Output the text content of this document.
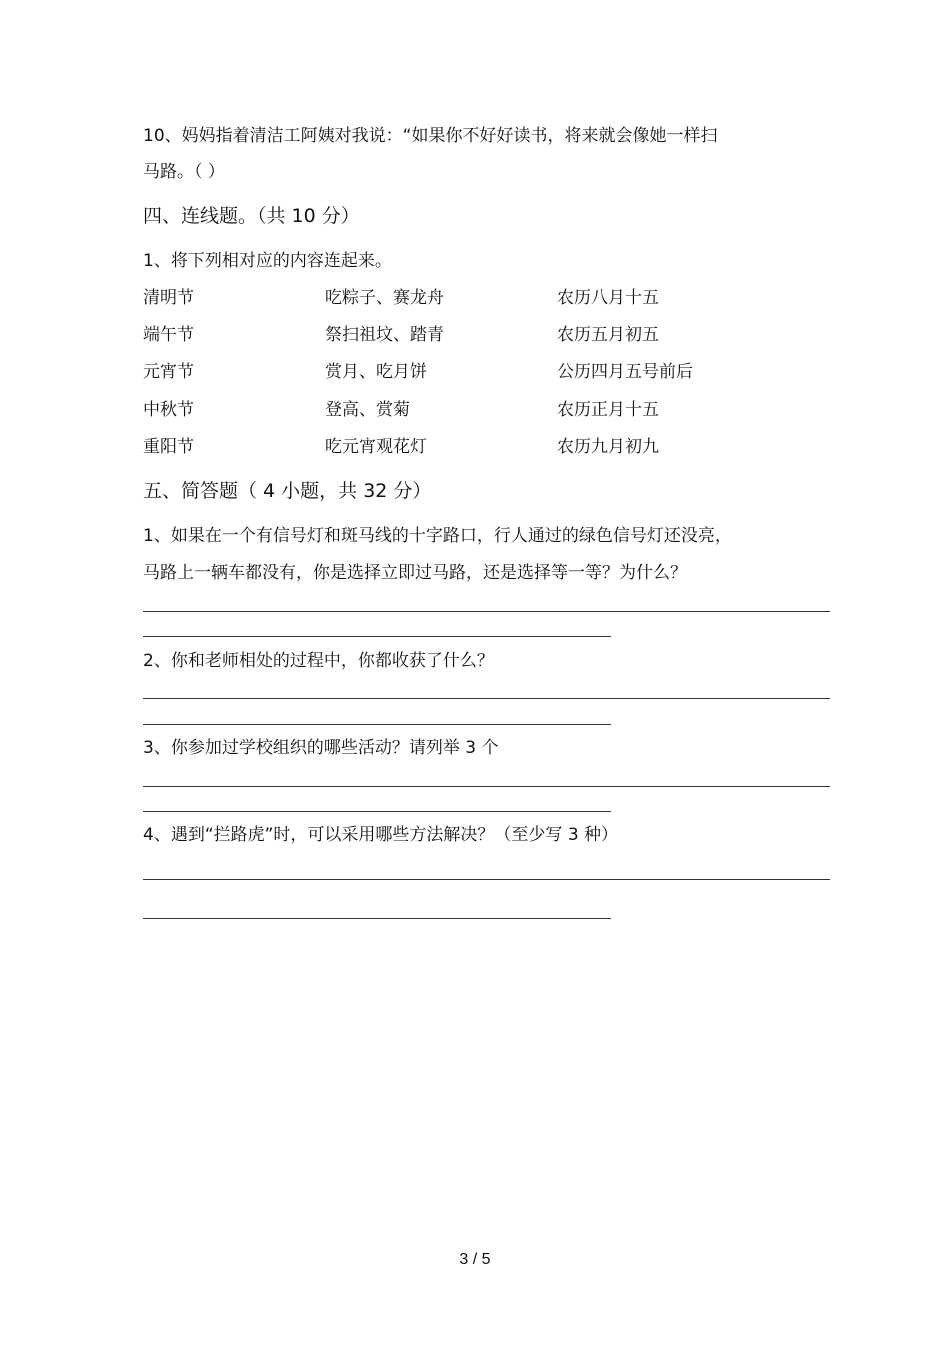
10、妈妈指着清洁工阿姨对我说：“如果你不好好读书，将来就会像她一样扫
马路。（ ）
四、连线题。（共 10 分）
1、将下列相对应的内容连起来。
清明节	吃粽子、赛龙舟	农历八月十五
端午节	祭扫祖坟、踏青	农历五月初五
元宵节	赏月、吃月饼	公历四月五号前后
中秋节	登高、赏菊	农历正月十五
重阳节	吃元宵观花灯	农历九月初九
五、简答题（ 4 小题，共 32 分）
1、如果在一个有信号灯和斑马线的十字路口，行人通过的绿色信号灯还没亮，
马路上一辆车都没有，你是选择立即过马路，还是选择等一等？为什么？
2、你和老师相处的过程中，你都收获了什么？
3、你参加过学校组织的哪些活动？请列举 3 个
4、遇到“拦路虎”时，可以采用哪些方法解决？（至少写 3 种）
3 / 5
